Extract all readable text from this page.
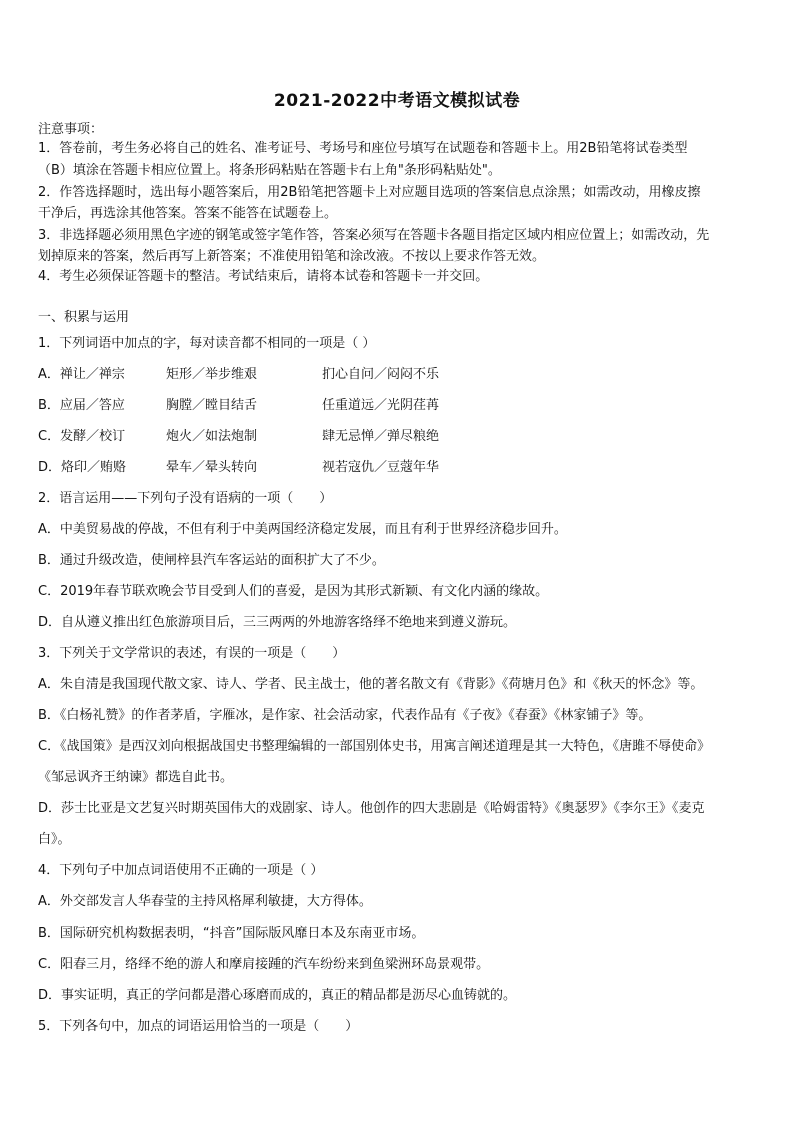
2021-2022中考语文模拟试卷
注意事项：
1．答卷前，考生务必将自己的姓名、准考证号、考场号和座位号填写在试题卷和答题卡上。用2B铅笔将试卷类型
（B）填涂在答题卡相应位置上。将条形码粘贴在答题卡右上角"条形码粘贴处"。
2．作答选择题时，选出每小题答案后，用2B铅笔把答题卡上对应题目选项的答案信息点涂黑；如需改动，用橡皮擦
干净后，再选涂其他答案。答案不能答在试题卷上。
3．非选择题必须用黑色字迹的钢笔或签字笔作答，答案必须写在答题卡各题目指定区域内相应位置上；如需改动，先
划掉原来的答案，然后再写上新答案；不准使用铅笔和涂改液。不按以上要求作答无效。
4．考生必须保证答题卡的整洁。考试结束后，请将本试卷和答题卡一并交回。
一、积累与运用
1．下列词语中加点的字，每对读音都不相同的一项是（ ）
A．禅让／禅宗	矩形／举步维艰	扪心自问／闷闷不乐
B．应届／答应	胸膛／瞠目结舌	任重道远／光阴荏苒
C．发酵／校订	炮火／如法炮制	肆无忌惮／弹尽粮绝
D．烙印／贿赂	晕车／晕头转向	视若寇仇／豆蔻年华
2．语言运用——下列句子没有语病的一项（　　）
A．中美贸易战的停战，不但有利于中美两国经济稳定发展，而且有利于世界经济稳步回升。
B．通过升级改造，使闸梓县汽车客运站的面积扩大了不少。
C．2019年春节联欢晚会节目受到人们的喜爱，是因为其形式新颖、有文化内涵的缘故。
D．自从遵义推出红色旅游项目后，三三两两的外地游客络绎不绝地来到遵义游玩。
3．下列关于文学常识的表述，有误的一项是（　　）
A．朱自清是我国现代散文家、诗人、学者、民主战士，他的著名散文有《背影》《荷塘月色》和《秋天的怀念》等。
B．《白杨礼赞》的作者茅盾，字雁冰，是作家、社会活动家，代表作品有《子夜》《春蚕》《林家铺子》等。
C．《战国策》是西汉刘向根据战国史书整理编辑的一部国别体史书，用寓言阐述道理是其一大特色，《唐雎不辱使命》
《邹忌讽齐王纳谏》都选自此书。
D．莎士比亚是文艺复兴时期英国伟大的戏剧家、诗人。他创作的四大悲剧是《哈姆雷特》《奥瑟罗》《李尔王》《麦克
白》。
4．下列句子中加点词语使用不正确的一项是（ ）
A．外交部发言人华春莹的主持风格犀利敏捷，大方得体。
B．国际研究机构数据表明，“抖音”国际版风靡日本及东南亚市场。
C．阳春三月，络绎不绝的游人和摩肩接踵的汽车纷纷来到鱼梁洲环岛景观带。
D．事实证明，真正的学问都是潜心琢磨而成的，真正的精品都是沥尽心血铸就的。
5．下列各句中，加点的词语运用恰当的一项是（　　）
